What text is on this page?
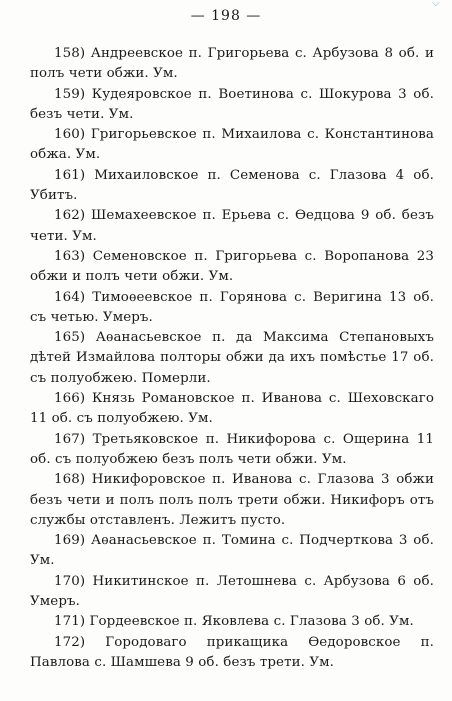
⌵
— 198 —

158) Андреевское п. Григорьева с. Арбузова 8 об. и полъ чети обжи. Ум.

159) Кудеяровское п. Воетинова с. Шокурова 3 об. безъ чети. Ум.

160) Григорьевское п. Михаилова с. Константинова обжа. Ум.

161) Михаиловское п. Семенова с. Глазова 4 об. Убитъ.

162) Шемахеевское п. Ерьева с. Ѳедцова 9 об. безъ чети. Ум.

163) Семеновское п. Григорьева с. Воропанова 23 обжи и полъ чети обжи. Ум.

164) Тимоѳеевское п. Горянова с. Веригина 13 об. съ четью. Умеръ.

165) Аѳанасьевское п. да Максима Степановыхъ дѣтей Измайлова полторы обжи да ихъ помѣстье 17 об. съ полуобжею. Померли.

166) Князь Романовское п. Иванова с. Шеховскаго 11 об. съ полуобжею. Ум.

167) Третьяковское п. Никифорова с. Ощерина 11 об. съ полуобжею безъ полъ чети обжи. Ум.

168) Никифоровское п. Иванова с. Глазова 3 обжи безъ чети и полъ полъ полъ трети обжи. Никифоръ отъ службы отставленъ. Лежитъ пусто.

169) Аѳанасьевское п. Томина с. Подчерткова 3 об. Ум.

170) Никитинское п. Летошнева с. Арбузова 6 об. Умеръ.

171) Гордеевское п. Яковлева с. Глазова 3 об. Ум.

172) Городоваго прикащика Ѳедоровское п. Павлова с. Шамшева 9 об. безъ трети. Ум.
